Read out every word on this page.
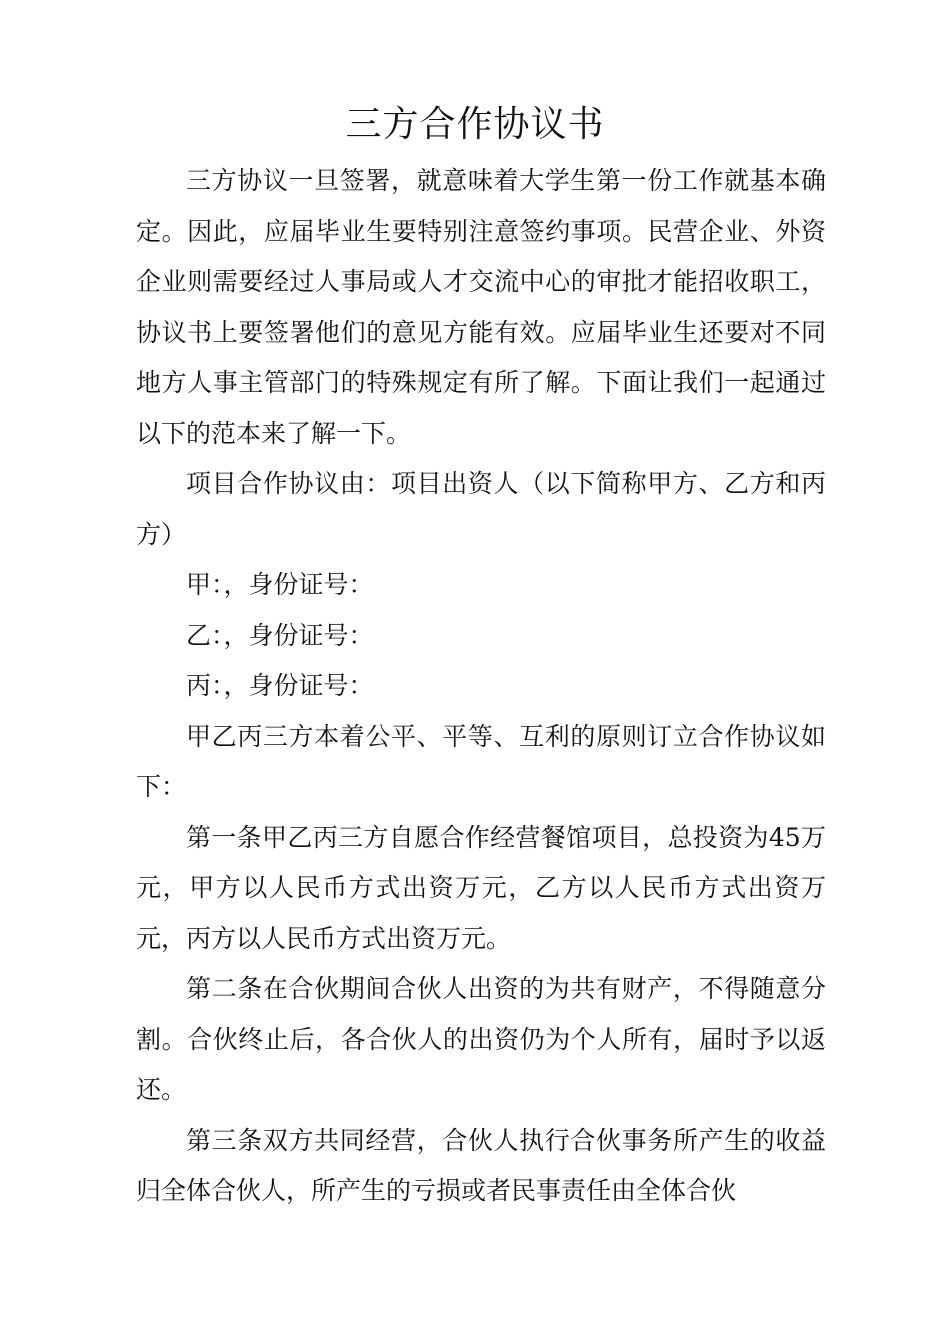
三方合作协议书

三方协议一旦签署，就意味着大学生第一份工作就基本确定。因此，应届毕业生要特别注意签约事项。民营企业、外资企业则需要经过人事局或人才交流中心的审批才能招收职工，协议书上要签署他们的意见方能有效。应届毕业生还要对不同地方人事主管部门的特殊规定有所了解。下面让我们一起通过以下的范本来了解一下。

项目合作协议由：项目出资人（以下简称甲方、乙方和丙方）

甲：，身份证号：

乙：，身份证号：

丙：，身份证号：

甲乙丙三方本着公平、平等、互利的原则订立合作协议如下：

第一条甲乙丙三方自愿合作经营餐馆项目，总投资为45万元，甲方以人民币方式出资万元，乙方以人民币方式出资万元，丙方以人民币方式出资万元。

第二条在合伙期间合伙人出资的为共有财产，不得随意分割。合伙终止后，各合伙人的出资仍为个人所有，届时予以返还。

第三条双方共同经营，合伙人执行合伙事务所产生的收益归全体合伙人，所产生的亏损或者民事责任由全体合伙
